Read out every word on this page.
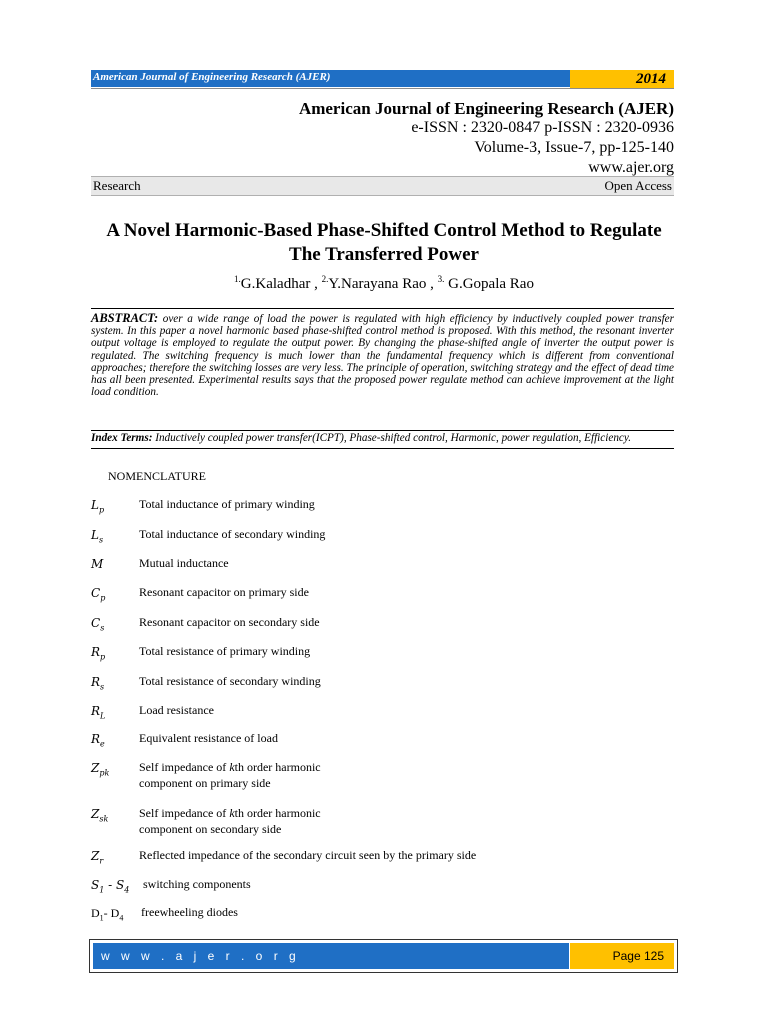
American Journal of Engineering Research (AJER)	2014
American Journal of Engineering Research (AJER)
e-ISSN : 2320-0847 p-ISSN : 2320-0936
Volume-3, Issue-7, pp-125-140
www.ajer.org
Research	Open Access
A Novel Harmonic-Based Phase-Shifted Control Method to Regulate The Transferred Power
$^{1.}$G.Kaladhar , $^{2.}$Y.Narayana Rao , $^{3.}$ G.Gopala Rao
ABSTRACT: over a wide range of load the power is regulated with high efficiency by inductively coupled power transfer system. In this paper a novel harmonic based phase-shifted control method is proposed. With this method, the resonant inverter output voltage is employed to regulate the output power. By changing the phase-shifted angle of inverter the output power is regulated. The switching frequency is much lower than the fundamental frequency which is different from conventional approaches; therefore the switching losses are very less. The principle of operation, switching strategy and the effect of dead time has all been presented. Experimental results says that the proposed power regulate method can achieve improvement at the light load condition.
Index Terms: Inductively coupled power transfer(ICPT), Phase-shifted control, Harmonic, power regulation, Efficiency.
NOMENCLATURE
$L_p$	Total inductance of primary winding
$L_s$	Total inductance of secondary winding
M	Mutual inductance
$C_p$	Resonant capacitor on primary side
$C_s$	Resonant capacitor on secondary side
$R_p$	Total resistance of primary winding
$R_s$	Total resistance of secondary winding
$R_L$	Load resistance
$R_e$	Equivalent resistance of load
$Z_{pk}$ Self impedance of kth order harmonic
component on primary side
$Z_{sk}$	Self impedance of kth order harmonic
component on secondary side
$Z_r$	Reflected impedance of the secondary circuit seen by the primary side
$S_1 - S_4$ switching components
$D_1-$ $D_4$ freewheeling diodes
w w w . a j e r . o r g	Page 125
